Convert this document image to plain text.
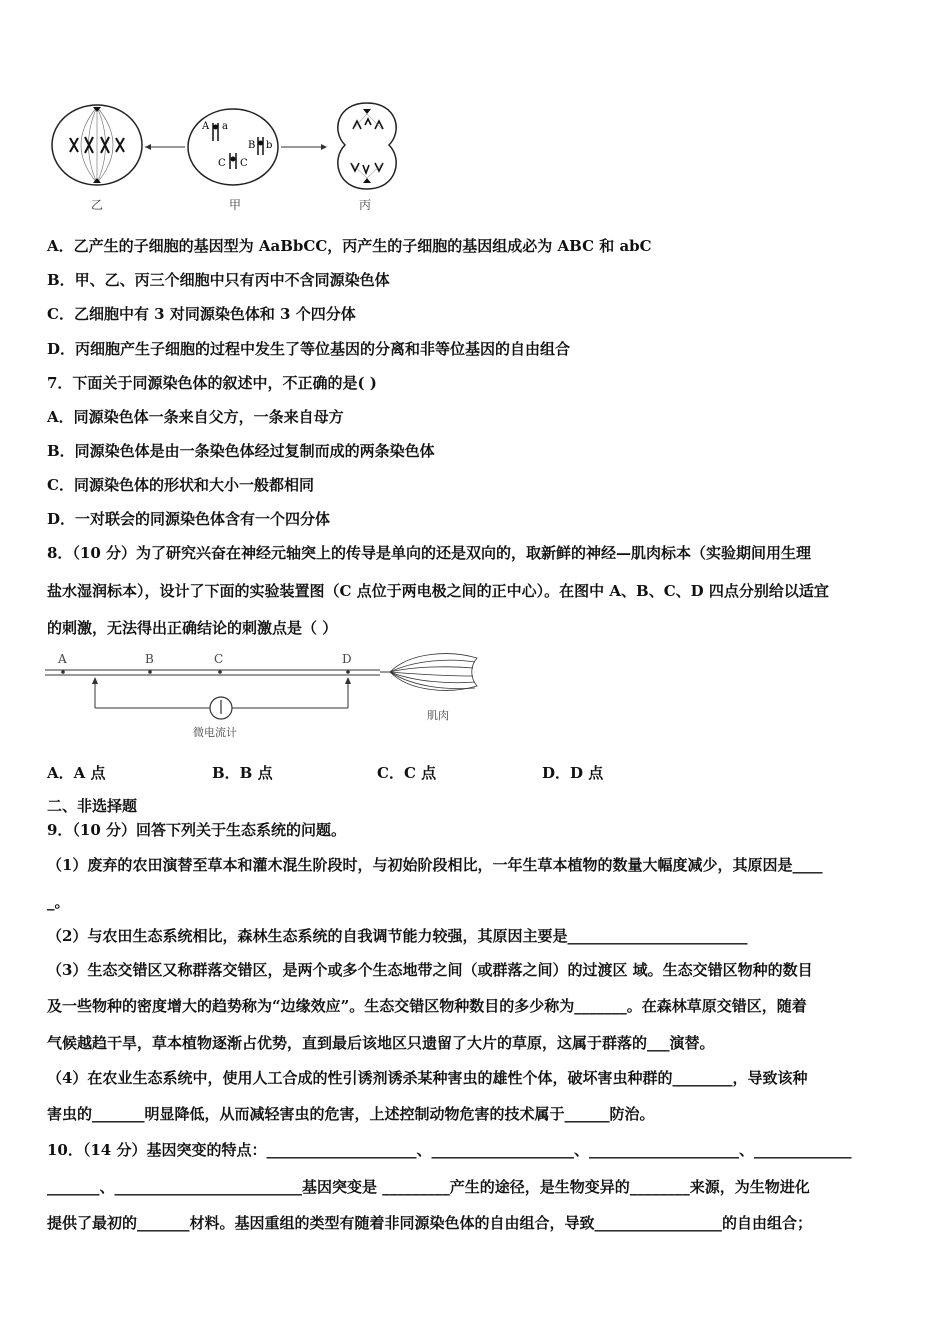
A a
B b
C C
乙	甲	丙
A．乙产生的子细胞的基因型为 AaBbCC，丙产生的子细胞的基因组成必为 ABC 和 abC
B．甲、乙、丙三个细胞中只有丙中不含同源染色体
C．乙细胞中有 3 对同源染色体和 3 个四分体
D．丙细胞产生子细胞的过程中发生了等位基因的分离和非等位基因的自由组合
7．下面关于同源染色体的叙述中，不正确的是( )
A．同源染色体一条来自父方，一条来自母方
B．同源染色体是由一条染色体经过复制而成的两条染色体
C．同源染色体的形状和大小一般都相同
D．一对联会的同源染色体含有一个四分体
8．（10 分）为了研究兴奋在神经元轴突上的传导是单向的还是双向的，取新鲜的神经—肌肉标本（实验期间用生理
盐水湿润标本），设计了下面的实验装置图（C 点位于两电极之间的正中心）。在图中 A、B、C、D 四点分别给以适宜
的刺激，无法得出正确结论的刺激点是（ ）
A	B	C	D
微电流计
肌肉
A．A 点	B．B 点	C．C 点	D．D 点
二、非选择题
9．（10 分）回答下列关于生态系统的问题。
（1）废弃的农田演替至草本和灌木混生阶段时，与初始阶段相比，一年生草本植物的数量大幅度减少，其原因是____
_。
（2）与农田生态系统相比，森林生态系统的自我调节能力较强，其原因主要是________________________
（3）生态交错区又称群落交错区，是两个或多个生态地带之间（或群落之间）的过渡区 域。生态交错区物种的数目
及一些物种的密度增大的趋势称为“边缘效应”。生态交错区物种数目的多少称为_______。在森林草原交错区，随着
气候越趋干旱，草本植物逐渐占优势，直到最后该地区只遗留了大片的草原，这属于群落的___演替。
（4）在农业生态系统中，使用人工合成的性引诱剂诱杀某种害虫的雄性个体，破坏害虫种群的________，导致该种
害虫的_______明显降低，从而减轻害虫的危害，上述控制动物危害的技术属于______防治。
10．（14 分）基因突变的特点：____________________、___________________、____________________、_____________
_______、_________________________基因突变是 _________产生的途径，是生物变异的________来源，为生物进化
提供了最初的_______材料。基因重组的类型有随着非同源染色体的自由组合，导致_________________的自由组合；
